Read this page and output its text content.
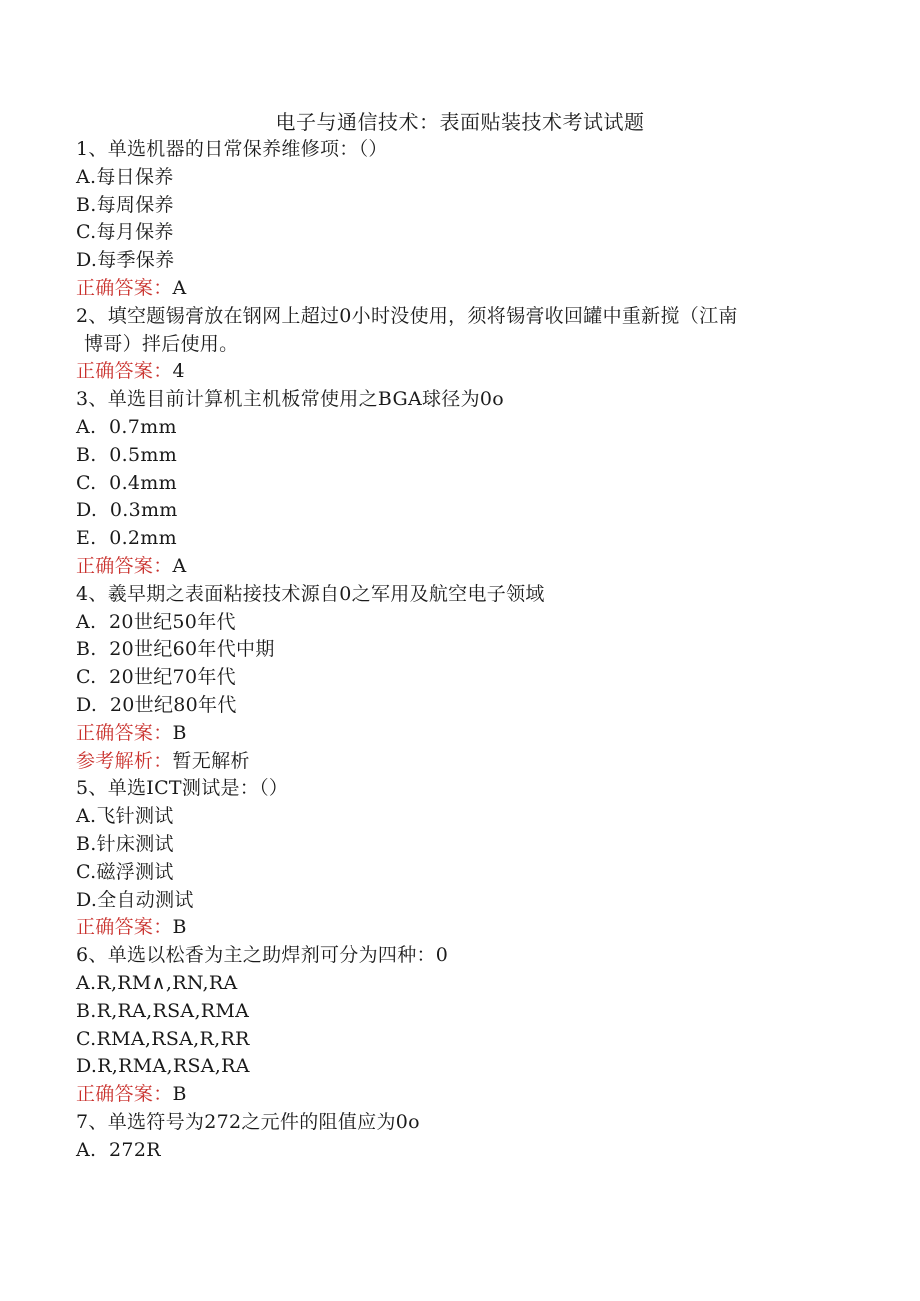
电子与通信技术：表面贴装技术考试试题
1、单选机器的日常保养维修项：（）
A.每日保养
B.每周保养
C.每月保养
D.每季保养
正确答案：A
2、填空题锡膏放在钢网上超过0小时没使用，须将锡膏收回罐中重新搅（江南
博哥）拌后使用。
正确答案：4
3、单选目前计算机主机板常使用之BGA球径为0o
A.  0.7mm
B.  0.5mm
C.  0.4mm
D.  0.3mm
E.  0.2mm
正确答案：A
4、羲早期之表面粘接技术源自0之军用及航空电子领域
A.  20世纪50年代
B.  20世纪60年代中期
C.  20世纪70年代
D.  20世纪80年代
正确答案：B
参考解析：暂无解析
5、单选ICT测试是：（）
A.飞针测试
B.针床测试
C.磁浮测试
D.全自动测试
正确答案：B
6、单选以松香为主之助焊剂可分为四种：0
A.R,RM∧,RN,RA
B.R,RA,RSA,RMA
C.RMA,RSA,R,RR
D.R,RMA,RSA,RA
正确答案：B
7、单选符号为272之元件的阻值应为0o
A.  272R
